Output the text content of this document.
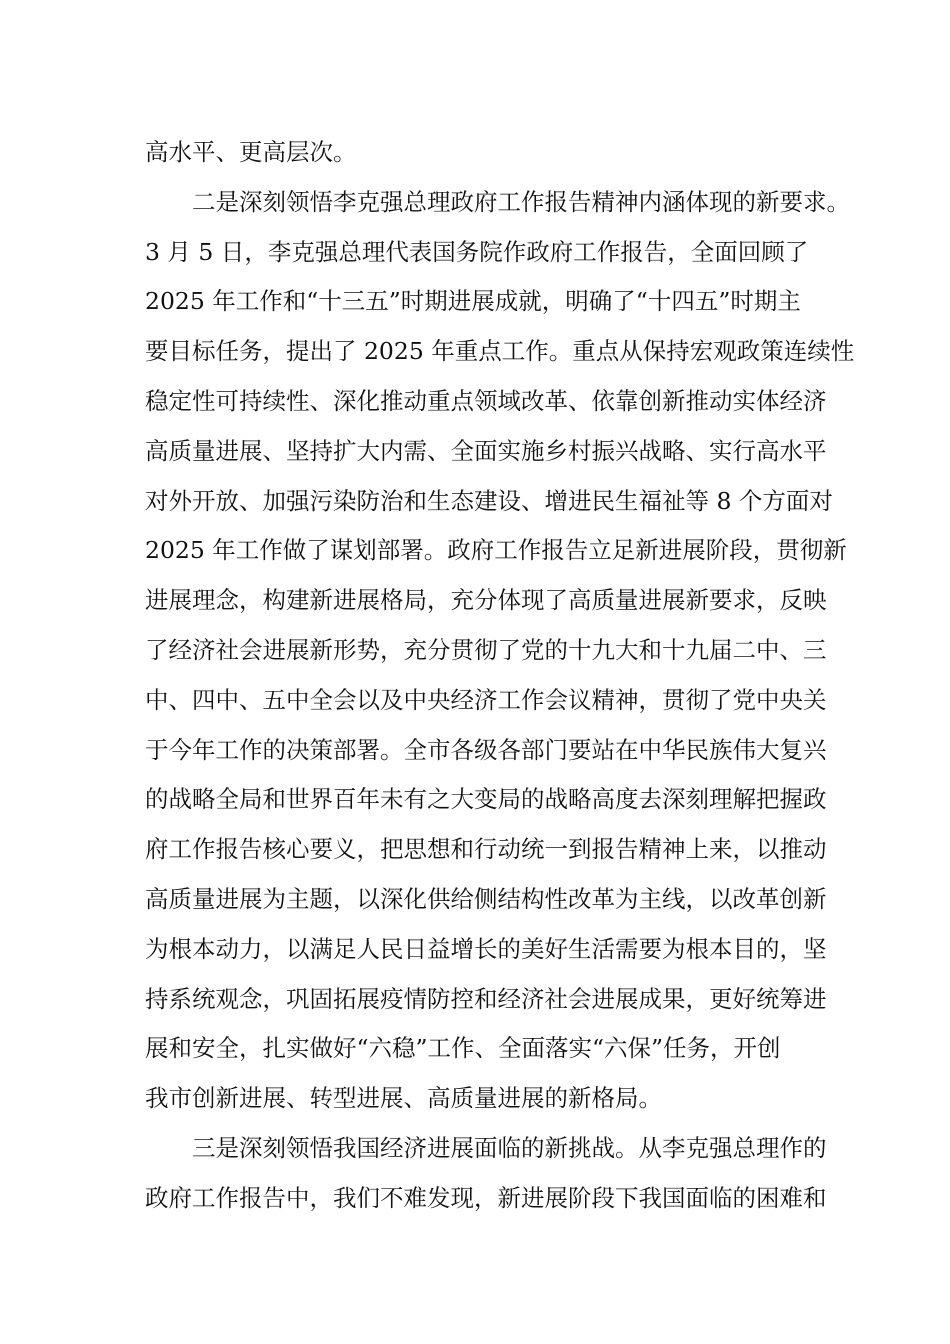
高水平、更高层次。
二是深刻领悟李克强总理政府工作报告精神内涵体现的新要求。
3 月 5 日，李克强总理代表国务院作政府工作报告，全面回顾了
2025 年工作和“十三五”时期进展成就，明确了“十四五”时期主
要目标任务，提出了 2025 年重点工作。重点从保持宏观政策连续性
稳定性可持续性、深化推动重点领域改革、依靠创新推动实体经济
高质量进展、坚持扩大内需、全面实施乡村振兴战略、实行高水平
对外开放、加强污染防治和生态建设、增进民生福祉等 8 个方面对
2025 年工作做了谋划部署。政府工作报告立足新进展阶段，贯彻新
进展理念，构建新进展格局，充分体现了高质量进展新要求，反映
了经济社会进展新形势，充分贯彻了党的十九大和十九届二中、三
中、四中、五中全会以及中央经济工作会议精神，贯彻了党中央关
于今年工作的决策部署。全市各级各部门要站在中华民族伟大复兴
的战略全局和世界百年未有之大变局的战略高度去深刻理解把握政
府工作报告核心要义，把思想和行动统一到报告精神上来，以推动
高质量进展为主题，以深化供给侧结构性改革为主线，以改革创新
为根本动力，以满足人民日益增长的美好生活需要为根本目的，坚
持系统观念，巩固拓展疫情防控和经济社会进展成果，更好统筹进
展和安全，扎实做好“六稳”工作、全面落实“六保”任务，开创
我市创新进展、转型进展、高质量进展的新格局。
三是深刻领悟我国经济进展面临的新挑战。从李克强总理作的
政府工作报告中，我们不难发现，新进展阶段下我国面临的困难和
